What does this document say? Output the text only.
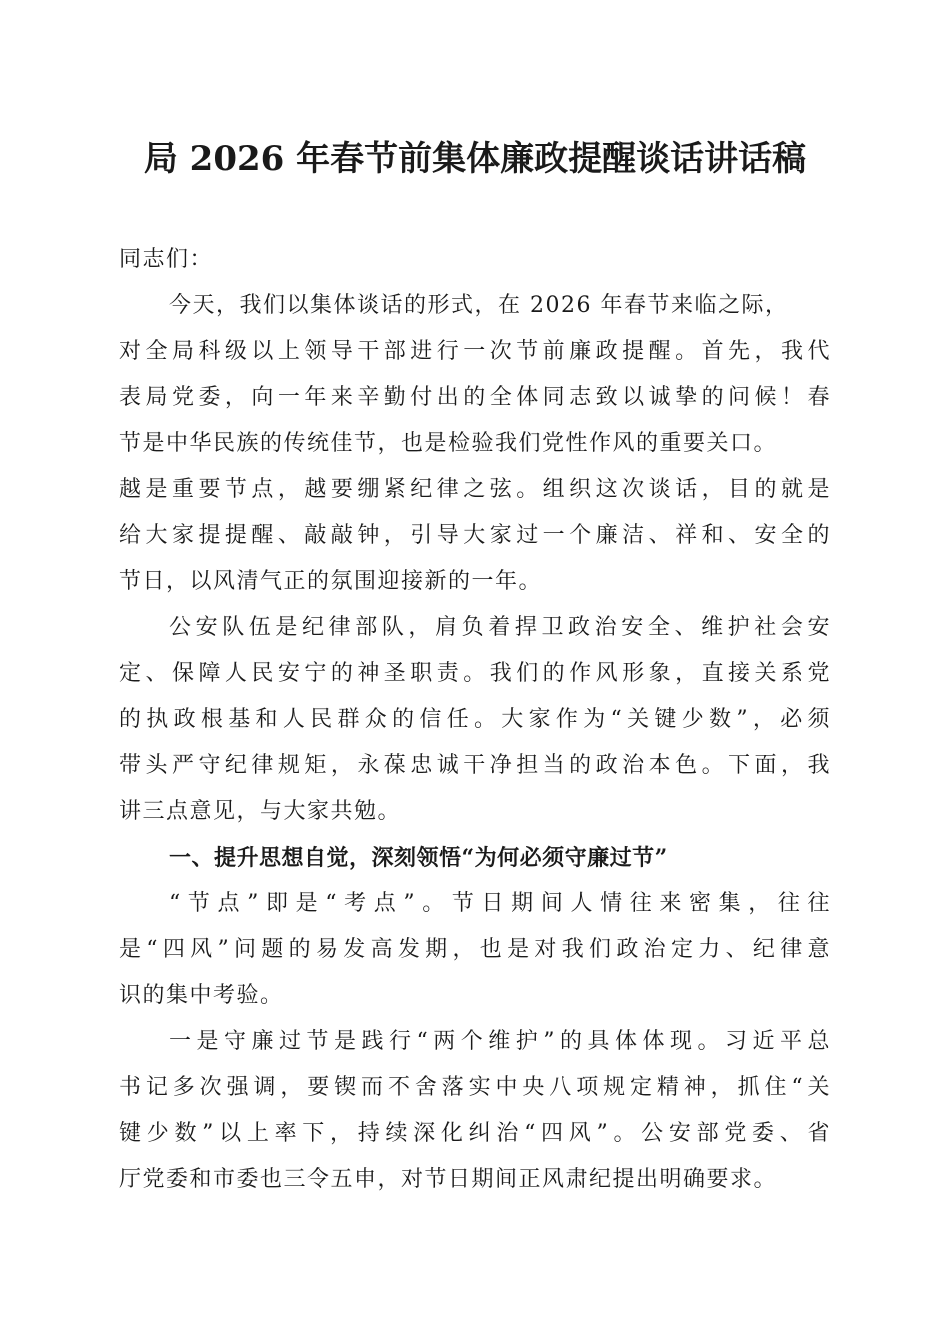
局 2026 年春节前集体廉政提醒谈话讲话稿
同志们：
今天，我们以集体谈话的形式，在 2026 年春节来临之际，
对全局科级以上领导干部进行一次节前廉政提醒。首先，我代
表局党委，向一年来辛勤付出的全体同志致以诚挚的问候！春
节是中华民族的传统佳节，也是检验我们党性作风的重要关口。
越是重要节点，越要绷紧纪律之弦。组织这次谈话，目的就是
给大家提提醒、敲敲钟，引导大家过一个廉洁、祥和、安全的
节日，以风清气正的氛围迎接新的一年。
公安队伍是纪律部队，肩负着捍卫政治安全、维护社会安
定、保障人民安宁的神圣职责。我们的作风形象，直接关系党
的执政根基和人民群众的信任。大家作为“关键少数”，必须
带头严守纪律规矩，永葆忠诚干净担当的政治本色。下面，我
讲三点意见，与大家共勉。
一、提升思想自觉，深刻领悟“为何必须守廉过节”
“节点”即是“考点”。节日期间人情往来密集，往往
是“四风”问题的易发高发期，也是对我们政治定力、纪律意
识的集中考验。
一是守廉过节是践行“两个维护”的具体体现。习近平总
书记多次强调，要锲而不舍落实中央八项规定精神，抓住“关
键少数”以上率下，持续深化纠治“四风”。公安部党委、省
厅党委和市委也三令五申，对节日期间正风肃纪提出明确要求。
